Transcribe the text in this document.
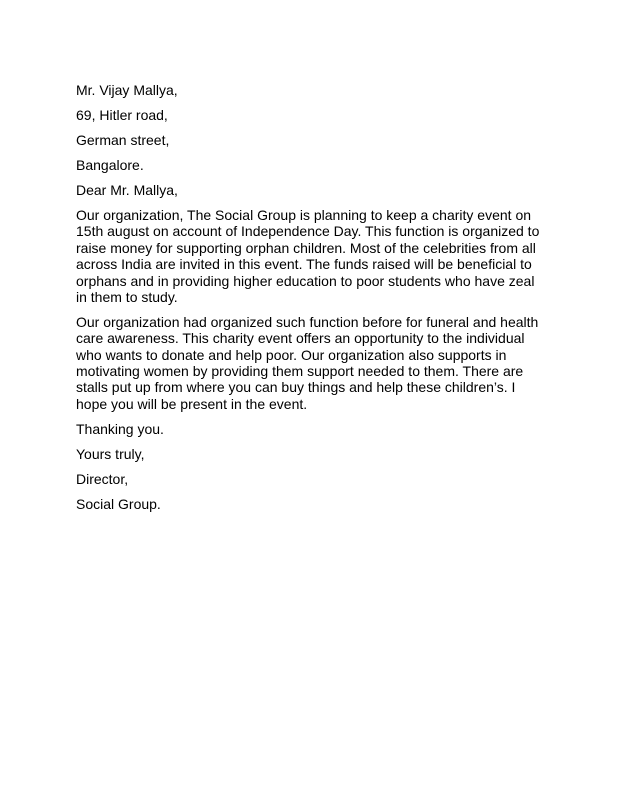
Mr. Vijay Mallya,
69, Hitler road,
German street,
Bangalore.
Dear Mr. Mallya,
Our organization, The Social Group is planning to keep a charity event on
15th august on account of Independence Day. This function is organized to
raise money for supporting orphan children. Most of the celebrities from all
across India are invited in this event. The funds raised will be beneficial to
orphans and in providing higher education to poor students who have zeal
in them to study.
Our organization had organized such function before for funeral and health
care awareness. This charity event offers an opportunity to the individual
who wants to donate and help poor. Our organization also supports in
motivating women by providing them support needed to them. There are
stalls put up from where you can buy things and help these children’s. I
hope you will be present in the event.
Thanking you.
Yours truly,
Director,
Social Group.
